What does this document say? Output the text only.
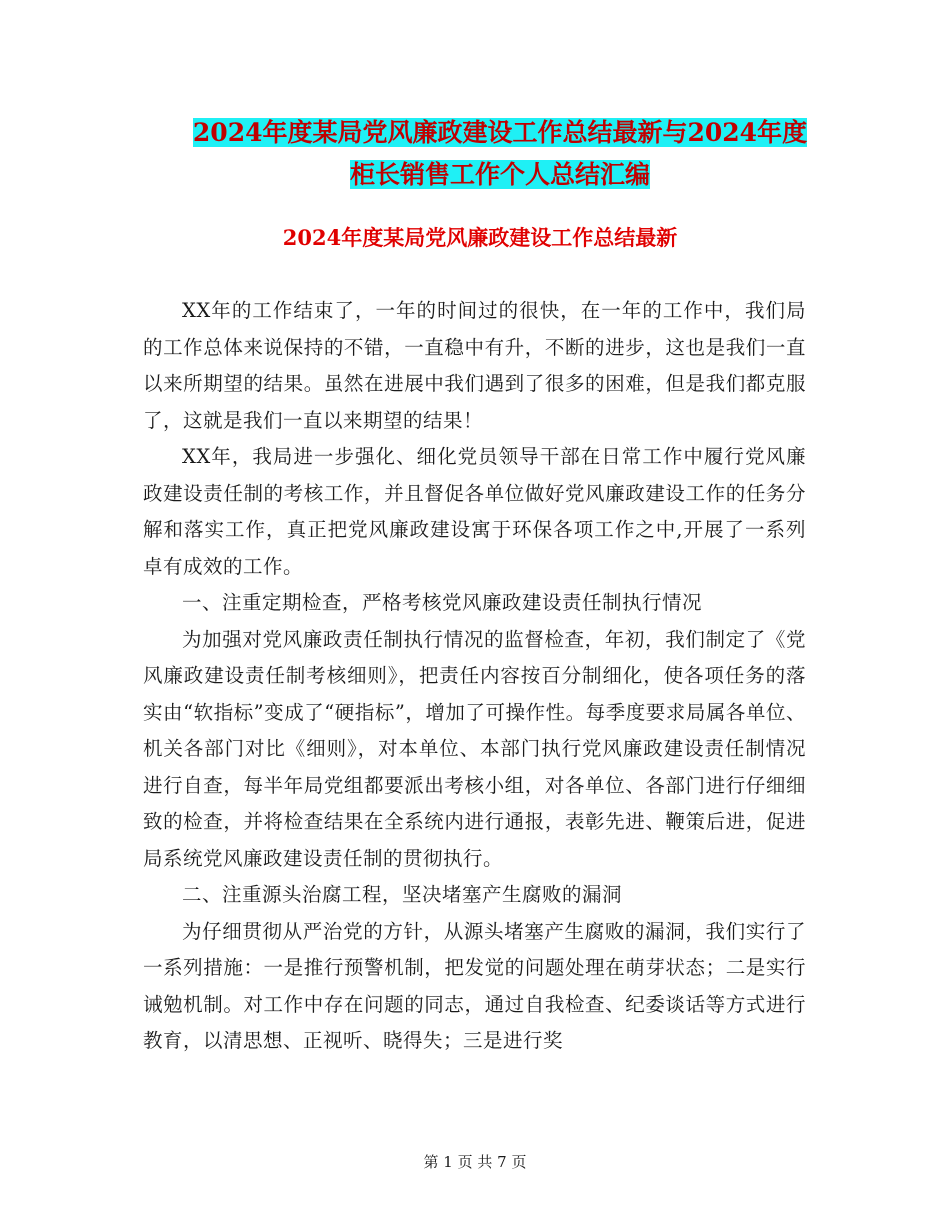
2024年度某局党风廉政建设工作总结最新与2024年度
柜长销售工作个人总结汇编
2024年度某局党风廉政建设工作总结最新

XX年的工作结束了，一年的时间过的很快，在一年的工作中，我们局的工作总体来说保持的不错，一直稳中有升，不断的进步，这也是我们一直以来所期望的结果。虽然在进展中我们遇到了很多的困难，但是我们都克服了，这就是我们一直以来期望的结果！

XX年，我局进一步强化、细化党员领导干部在日常工作中履行党风廉政建设责任制的考核工作，并且督促各单位做好党风廉政建设工作的任务分解和落实工作，真正把党风廉政建设寓于环保各项工作之中,开展了一系列卓有成效的工作。

一、注重定期检查，严格考核党风廉政建设责任制执行情况

为加强对党风廉政责任制执行情况的监督检查，年初，我们制定了《党风廉政建设责任制考核细则》，把责任内容按百分制细化，使各项任务的落实由“软指标”变成了“硬指标”，增加了可操作性。每季度要求局属各单位、机关各部门对比《细则》，对本单位、本部门执行党风廉政建设责任制情况进行自查，每半年局党组都要派出考核小组，对各单位、各部门进行仔细细致的检查，并将检查结果在全系统内进行通报，表彰先进、鞭策后进，促进局系统党风廉政建设责任制的贯彻执行。

二、注重源头治腐工程，坚决堵塞产生腐败的漏洞

为仔细贯彻从严治党的方针，从源头堵塞产生腐败的漏洞，我们实行了一系列措施：一是推行预警机制，把发觉的问题处理在萌芽状态；二是实行诫勉机制。对工作中存在问题的同志，通过自我检查、纪委谈话等方式进行教育，以清思想、正视听、晓得失；三是进行奖

第 1 页 共 7 页
